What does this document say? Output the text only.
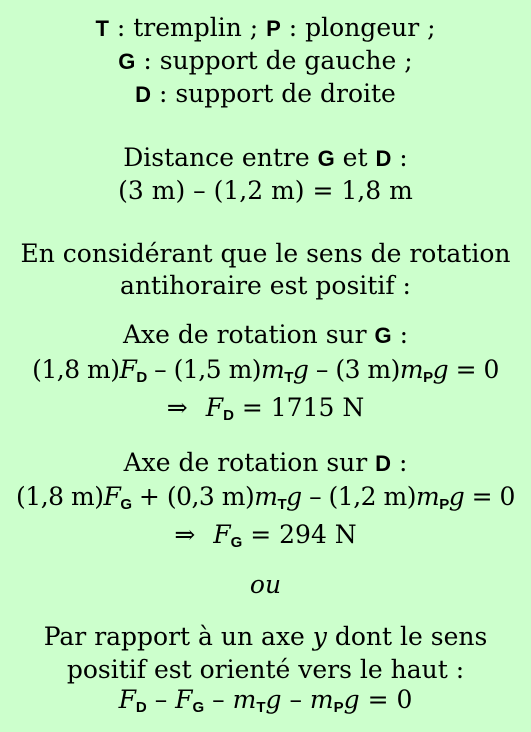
T : tremplin ; P : plongeur ;
G : support de gauche ;
D : support de droite
Distance entre G et D :
(3 m) – (1,2 m) = 1,8 m
En considérant que le sens de rotation
antihoraire est positif :
Axe de rotation sur G :
(1,8 m)FD – (1,5 m)mTg – (3 m)mPg = 0
⇒ FD = 1715 N
Axe de rotation sur D :
(1,8 m)FG + (0,3 m)mTg – (1,2 m)mPg = 0
⇒ FG = 294 N
ou
Par rapport à un axe y dont le sens
positif est orienté vers le haut :
FD – FG – mTg – mPg = 0
